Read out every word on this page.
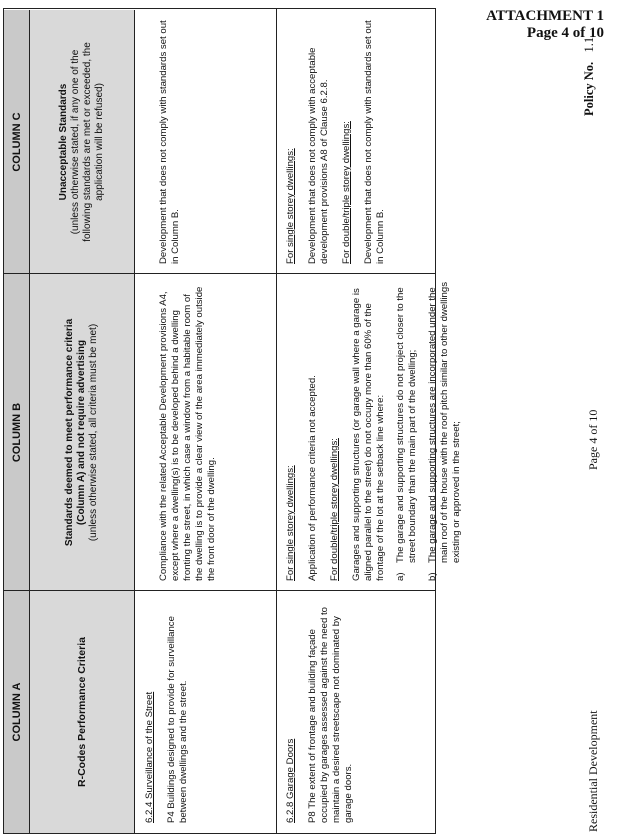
ATTACHMENT 1
Page 4 of 10
COLUMN A
COLUMN B
COLUMN C
R-Codes Performance Criteria
Standards deemed to meet performance criteria (Column A) and not require advertising (unless otherwise stated, all criteria must be met)
Unacceptable Standards (unless otherwise stated, if any one of the following standards are met or exceeded, the application will be refused)

6.2.4 Surveillance of the Street P4 Buildings designed to provide for surveillance between dwellings and the street.

Compliance with the related Acceptable Development provisions A4, except where a dwelling(s) is to be developed behind a dwelling fronting the street, in which case a window from a habitable room of the dwelling is to provide a clear view of the area immediately outside the front door of the dwelling.

Development that does not comply with standards set out in Column B.

6.2.8 Garage Doors P8 The extent of frontage and building façade occupied by garages assessed against the need to maintain a desired streetscape not dominated by garage doors.

For single storey dwellings: Application of performance criteria not accepted. For double/triple storey dwellings: Garages and supporting structures (or garage wall where a garage is aligned parallel to the street) do not occupy more than 60% of the frontage of the lot at the setback line where: a)
The garage and supporting structures do not project closer to the street boundary than the main part of the dwelling;
b)
The garage and supporting structures are incorporated under the main roof of the house with the roof pitch similar to other dwellings existing or approved in the street;

For single storey dwellings: Development that does not comply with acceptable development provisions A8 of Clause 6.2.8. For double/triple storey dwellings: Development that does not comply with standards set out in Column B.

Residential Development
Page 4 of 10
Policy No.   1.1
